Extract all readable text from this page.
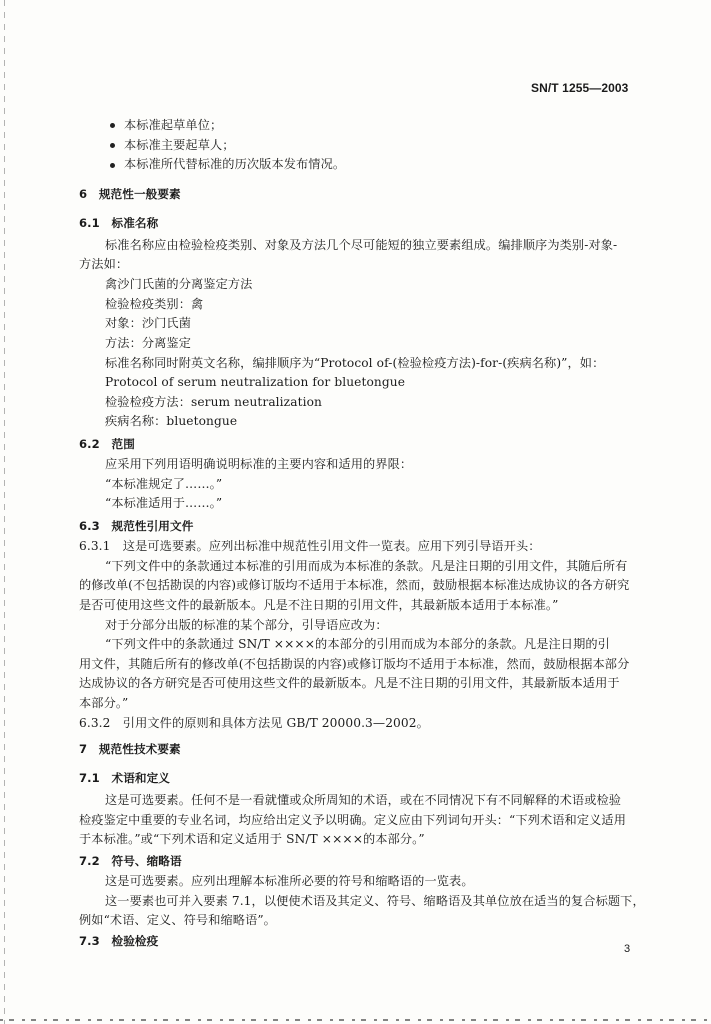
SN/T 1255—2003
本标准起草单位；
本标准主要起草人；
本标准所代替标准的历次版本发布情况。
6　规范性一般要素
6.1　标准名称
标准名称应由检验检疫类别、对象及方法几个尽可能短的独立要素组成。编排顺序为类别-对象-
方法如：
禽沙门氏菌的分离鉴定方法
检验检疫类别：禽
对象：沙门氏菌
方法：分离鉴定
标准名称同时附英文名称，编排顺序为“Protocol of-(检验检疫方法)-for-(疾病名称)”，如：
Protocol of serum neutralization for bluetongue
检验检疫方法：serum neutralization
疾病名称：bluetongue
6.2　范围
应采用下列用语明确说明标准的主要内容和适用的界限：
“本标准规定了……。”
“本标准适用于……。”
6.3　规范性引用文件
6.3.1　这是可选要素。应列出标准中规范性引用文件一览表。应用下列引导语开头：
“下列文件中的条款通过本标准的引用而成为本标准的条款。凡是注日期的引用文件，其随后所有
的修改单(不包括勘误的内容)或修订版均不适用于本标准，然而，鼓励根据本标准达成协议的各方研究
是否可使用这些文件的最新版本。凡是不注日期的引用文件，其最新版本适用于本标准。”
对于分部分出版的标准的某个部分，引导语应改为：
“下列文件中的条款通过 SN/T ××××的本部分的引用而成为本部分的条款。凡是注日期的引
用文件，其随后所有的修改单(不包括勘误的内容)或修订版均不适用于本标准，然而，鼓励根据本部分
达成协议的各方研究是否可使用这些文件的最新版本。凡是不注日期的引用文件，其最新版本适用于
本部分。”
6.3.2　引用文件的原则和具体方法见 GB/T 20000.3—2002。
7　规范性技术要素
7.1　术语和定义
这是可选要素。任何不是一看就懂或众所周知的术语，或在不同情况下有不同解释的术语或检验
检疫鉴定中重要的专业名词，均应给出定义予以明确。定义应由下列词句开头：“下列术语和定义适用
于本标准。”或“下列术语和定义适用于 SN/T ××××的本部分。”
7.2　符号、缩略语
这是可选要素。应列出理解本标准所必要的符号和缩略语的一览表。
这一要素也可并入要素 7.1，以便使术语及其定义、符号、缩略语及其单位放在适当的复合标题下，
例如“术语、定义、符号和缩略语”。
7.3　检验检疫
3
